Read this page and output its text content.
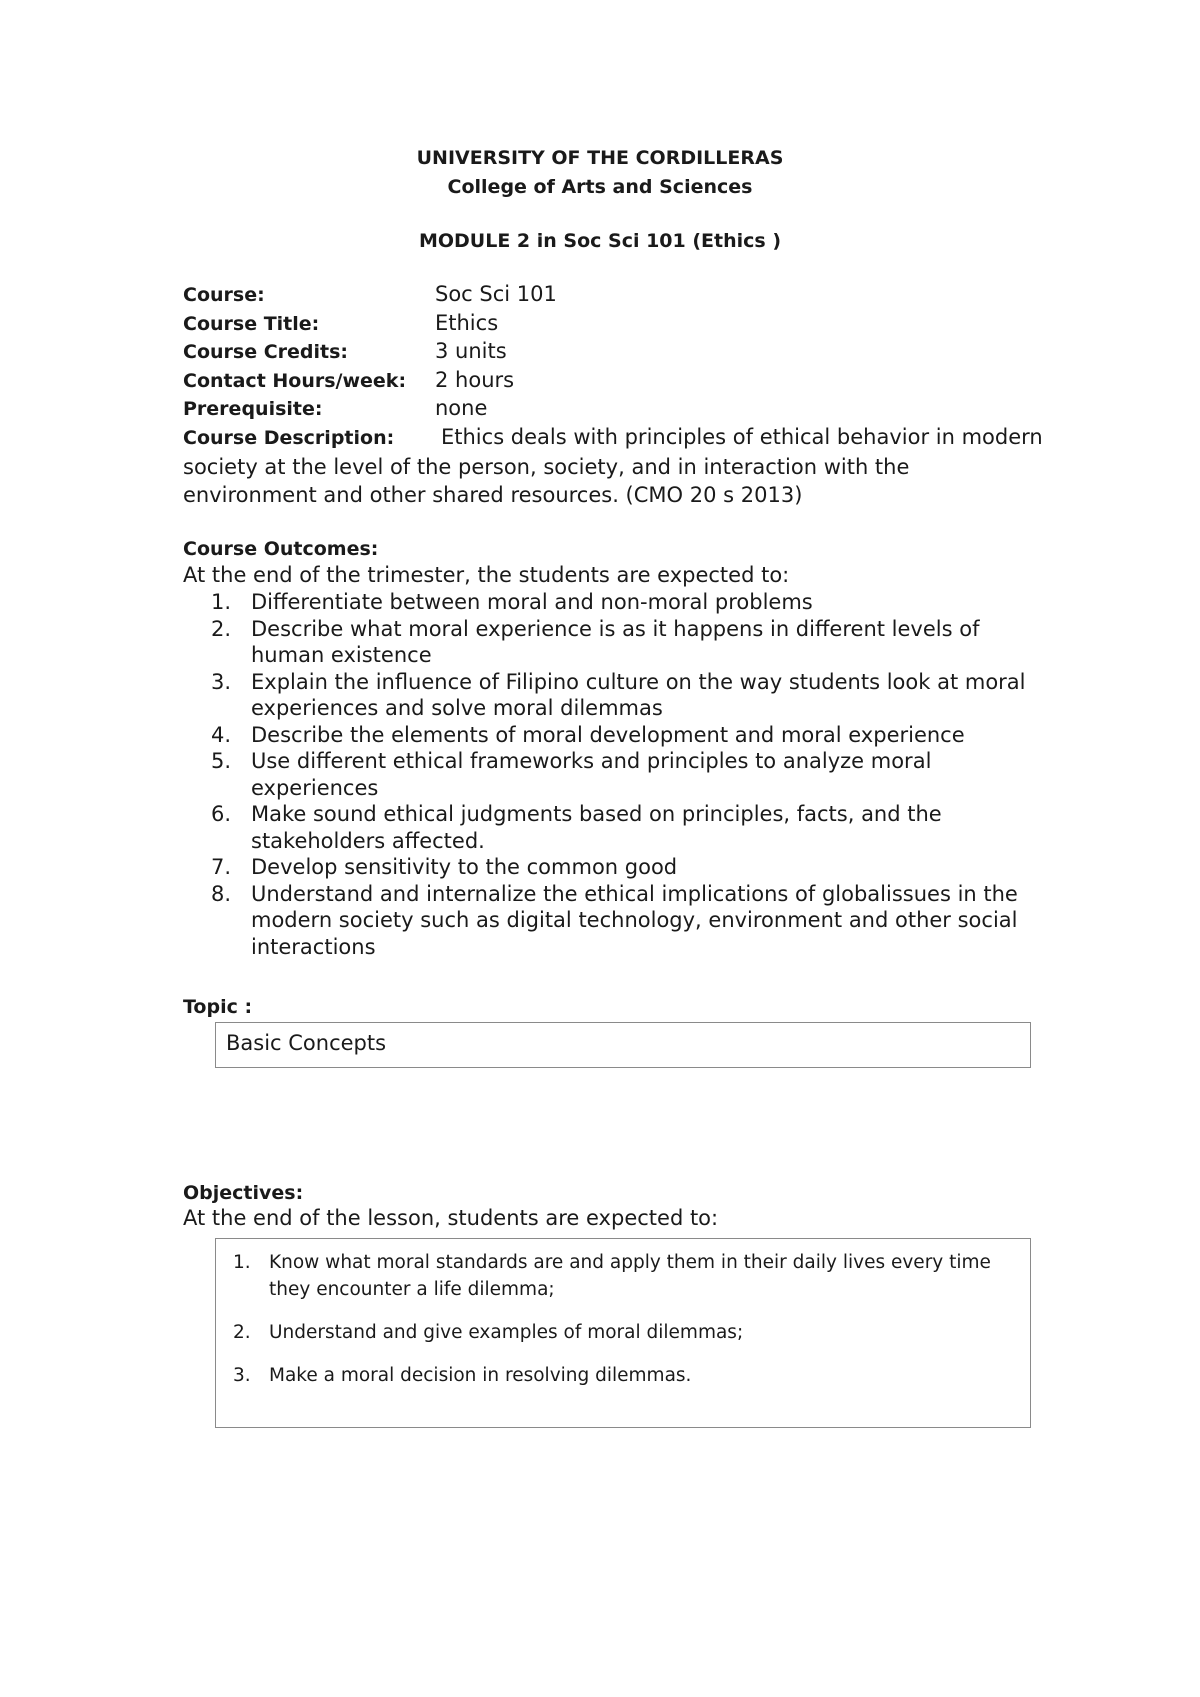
UNIVERSITY OF THE CORDILLERAS
College of Arts and Sciences
MODULE 2 in Soc Sci 101 (Ethics )
Course:	Soc Sci 101
Course Title:	Ethics
Course Credits:	3 units
Contact Hours/week: 2 hours
Prerequisite:	none
Course Description: Ethics deals with principles of ethical behavior in modern society at the level of the person, society, and in interaction with the environment and other shared resources. (CMO 20 s 2013)
Course Outcomes:
At the end of the trimester, the students are expected to:
1. Differentiate between moral and non-moral problems
2. Describe what moral experience is as it happens in different levels of human existence
3. Explain the influence of Filipino culture on the way students look at moral experiences and solve moral dilemmas
4. Describe the elements of moral development and moral experience
5. Use different ethical frameworks and principles to analyze moral experiences
6. Make sound ethical judgments based on principles, facts, and the stakeholders affected.
7. Develop sensitivity to the common good
8. Understand and internalize the ethical implications of globalissues in the modern society such as digital technology, environment and other social interactions
Topic :
Basic Concepts
Objectives:
At the end of the lesson, students are expected to:
1. Know what moral standards are and apply them in their daily lives every time they encounter a life dilemma;
2. Understand and give examples of moral dilemmas;
3. Make a moral decision in resolving dilemmas.
